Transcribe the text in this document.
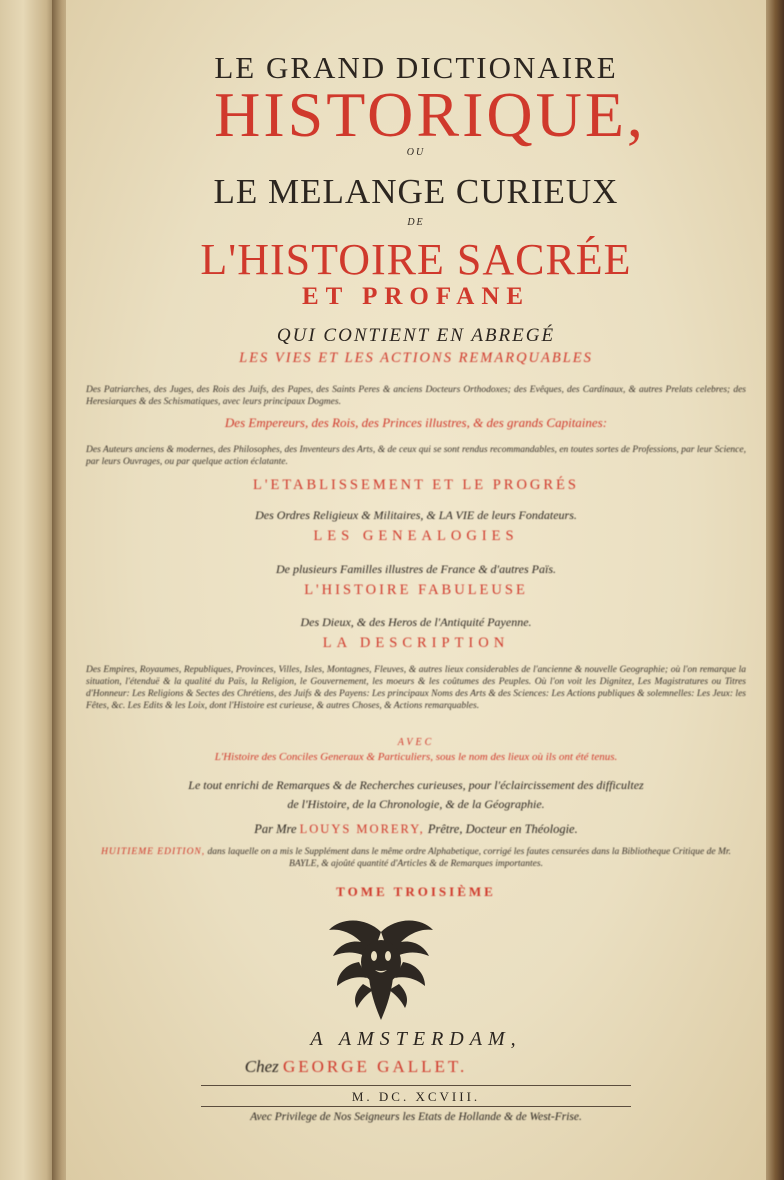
LE GRAND DICTIONAIRE
HISTORIQUE,
OU
LE MELANGE CURIEUX
DE
L'HISTOIRE SACRÉE
ET PROFANE
QUI CONTIENT EN ABREGÉ
LES VIES ET LES ACTIONS REMARQUABLES
Des Patriarches, des Juges, des Rois des Juifs, des Papes, des Saints Peres & anciens Docteurs Orthodoxes; des Evêques, des Cardinaux, & autres Prelats celebres; des Heresiarques & des Schismatiques, avec leurs principaux Dogmes.
Des Empereurs, des Rois, des Princes illustres, & des grands Capitaines:
Des Auteurs anciens & modernes, des Philosophes, des Inventeurs des Arts, & de ceux qui se sont rendus recommandables, en toutes sortes de Professions, par leur Science, par leurs Ouvrages, ou par quelque action éclatante.
L'ETABLISSEMENT ET LE PROGRÉS
Des Ordres Religieux & Militaires, & LA VIE de leurs Fondateurs.
LES GENEALOGIES
De plusieurs Familles illustres de France & d'autres Païs.
L'HISTOIRE FABULEUSE
Des Dieux, & des Heros de l'Antiquité Payenne.
LA DESCRIPTION
Des Empires, Royaumes, Republiques, Provinces, Villes, Isles, Montagnes, Fleuves, & autres lieux considerables de l'ancienne & nouvelle Geographie; où l'on remarque la situation, l'étenduë & la qualité du Païs, la Religion, le Gouvernement, les moeurs & les coûtumes des Peuples. Où l'on voit les Dignitez, Les Magistratures ou Titres d'Honneur: Les Religions & Sectes des Chrétiens, des Juifs & des Payens: Les principaux Noms des Arts & des Sciences: Les Actions publiques & solemnelles: Les Jeux: les Fêtes, &c. Les Edits & les Loix, dont l'Histoire est curieuse, & autres Choses, & Actions remarquables.
AVEC
L'Histoire des Conciles Generaux & Particuliers, sous le nom des lieux où ils ont été tenus.
Le tout enrichi de Remarques & de Recherches curieuses, pour l'éclaircissement des difficultez
de l'Histoire, de la Chronologie, & de la Géographie.
Par Mre LOUYS MORERY, Prêtre, Docteur en Théologie.
HUITIEME EDITION, dans laquelle on a mis le Supplément dans le même ordre Alphabetique, corrigé les fautes censurées dans la Bibliotheque Critique de Mr. BAYLE, & ajoûté quantité d'Articles & de Remarques importantes.
TOME TROISIÈME
A AMSTERDAM,
Chez GEORGE GALLET.
M. DC. XCVIII.
Avec Privilege de Nos Seigneurs les Etats de Hollande & de West-Frise.
